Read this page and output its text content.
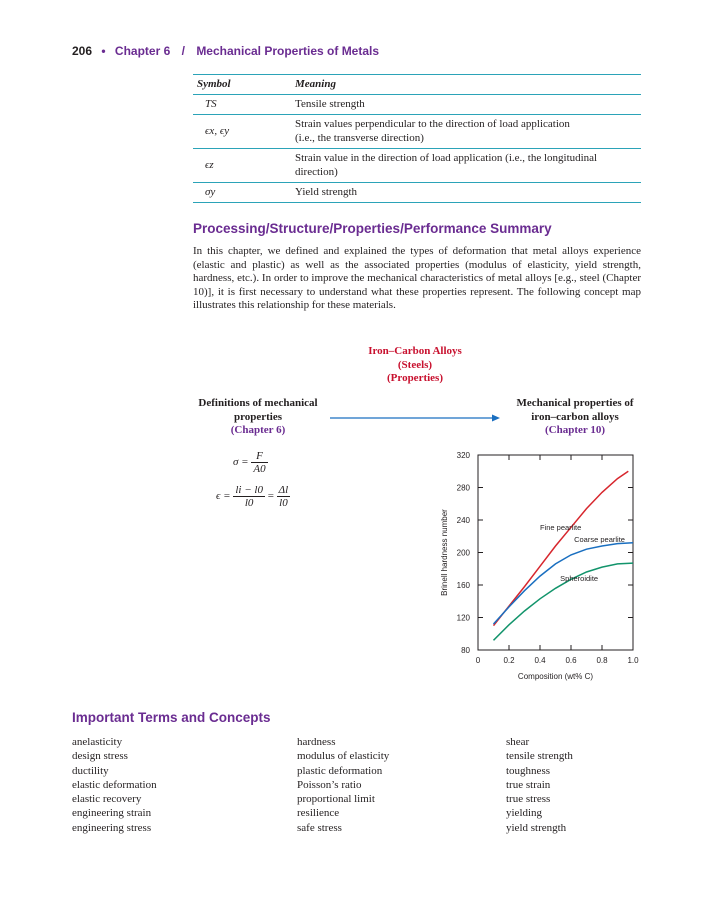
206 • Chapter 6 / Mechanical Properties of Metals
Symbol	Meaning
TS	Tensile strength
ϵx, ϵy	Strain values perpendicular to the direction of load application
(i.e., the transverse direction)
ϵz	Strain value in the direction of load application (i.e., the longitudinal
direction)
σy	Yield strength
Processing/Structure/Properties/Performance Summary

In this chapter, we defined and explained the types of deformation that metal alloys experience (elastic and plastic) as well as the associated properties (modulus of elasticity, yield strength, hardness, etc.). In order to improve the mechanical characteristics of metal alloys [e.g., steel (Chapter 10)], it is first necessary to understand what these properties represent. The following concept map illustrates this relationship for these materials.

Iron–Carbon Alloys
(Steels)
(Properties)
Definitions of mechanical
properties
(Chapter 6)
Mechanical properties of
iron–carbon alloys
(Chapter 10)
$\sigma = \frac{F}{A0}$
$\epsilon = \frac{li - l0}{l0} = \frac{\Delta l}{l0}$
80
120
160
200
240
280
320
0	0.2 0.4 0.6 0.8 1.0
Composition (wt% C)
Brinell hardness number	Fine pearlite
Coarse pearlite
Spheroidite
Important Terms and Concepts
anelasticity
design stress
ductility
elastic deformation
elastic recovery
engineering strain
engineering stress
hardness
modulus of elasticity
plastic deformation
Poisson’s ratio
proportional limit
resilience
safe stress
shear
tensile strength
toughness
true strain
true stress
yielding
yield strength
